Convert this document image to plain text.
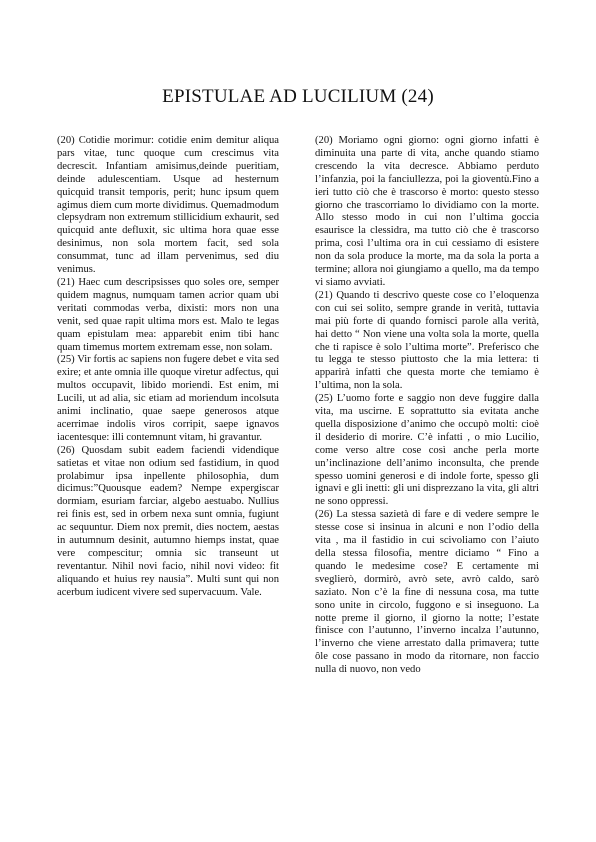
EPISTULAE AD LUCILIUM (24)

(20) Cotidie morimur: cotidie enim demitur aliqua pars vitae, tunc quoque cum crescimus vita decrescit. Infantiam amisimus,deinde pueritiam, deinde adulescentiam. Usque ad hesternum quicquid transit temporis, perit; hunc ipsum quem agimus diem cum morte dividimus. Quemadmodum clepsydram non extremum stillicidium exhaurit, sed quicquid ante defluxit, sic ultima hora quae esse desinimus, non sola mortem facit, sed sola consummat, tunc ad illam pervenimus, sed diu venimus.

(21) Haec cum descripsisses quo soles ore, semper quidem magnus, numquam tamen acrior quam ubi veritati commodas verba, dixisti: mors non una venit, sed quae rapit ultima mors est. Malo te legas quam epistulam mea: apparebit enim tibi hanc quam timemus mortem extremam esse, non solam.

(25) Vir fortis ac sapiens non fugere debet e vita sed exire; et ante omnia ille quoque viretur adfectus, qui multos occupavit, libido moriendi. Est enim, mi Lucili, ut ad alia, sic etiam ad moriendum incolsuta animi inclinatio, quae saepe generosos atque acerrimae indolis viros corripit, saepe ignavos iacentesque: illi contemnunt vitam, hi gravantur.

(26) Quosdam subit eadem faciendi videndique satietas et vitae non odium sed fastidium, in quod prolabimur ipsa inpellente philosophia, dum dicimus:”Quousque eadem? Nempe expergiscar dormiam, esuriam farciar, algebo aestuabo. Nullius rei finis est, sed in orbem nexa sunt omnia, fugiunt ac sequuntur. Diem nox premit, dies noctem, aestas in autumnum desinit, autumno hiemps instat, quae vere compescitur; omnia sic transeunt ut reventantur. Nihil novi facio, nihil novi video: fit aliquando et huius rey nausia”. Multi sunt qui non acerbum iudicent vivere sed supervacuum. Vale.

(20) Moriamo ogni giorno: ogni giorno infatti è diminuita una parte di vita, anche quando stiamo crescendo la vita decresce. Abbiamo perduto l’infanzia, poi la fanciullezza, poi la gioventù.Fino a ieri tutto ciò che è trascorso è morto: questo stesso giorno che trascorriamo lo dividiamo con la morte. Allo stesso modo in cui non l’ultima goccia esaurisce la clessidra, ma tutto ciò che è trascorso prima, così l’ultima ora in cui cessiamo di esistere non da sola produce la morte, ma da sola la porta a termine; allora noi giungiamo a quello, ma da tempo vi siamo avviati.

(21) Quando ti descrivo queste cose co l’eloquenza con cui sei solito, sempre grande in verità, tuttavia mai più forte di quando fornisci parole alla verità, hai detto “ Non viene una volta sola la morte, quella che ti rapisce è solo l’ultima morte”. Preferisco che tu legga te stesso piuttosto che la mia lettera: ti apparirà infatti che questa morte che temiamo è l’ultima, non la sola.

(25) L’uomo forte e saggio non deve fuggire dalla vita, ma uscirne. E soprattutto sia evitata anche quella disposizione d’animo che occupò molti: cioè il desiderio di morire. C’è infatti , o mio Lucilio, come verso altre cose così anche perla morte un’inclinazione dell’animo inconsulta, che prende spesso uomini generosi e di indole forte, spesso gli ignavi e gli inetti: gli uni disprezzano la vita, gli altri ne sono oppressi.

(26) La stessa sazietà di fare e di vedere sempre le stesse cose si insinua in alcuni e non l’odio della vita , ma il fastidio in cui scivoliamo con l’aiuto della stessa filosofia, mentre diciamo “ Fino a quando le medesime cose? E certamente mi sveglierò, dormirò, avrò sete, avrò caldo, sarò saziato. Non c’è la fine di nessuna cosa, ma tutte sono unite in circolo, fuggono e si inseguono. La notte preme il giorno, il giorno la notte; l’estate finisce con l’autunno, l’inverno incalza l’autunno, l’inverno che viene arrestato dalla primavera; tutte ôle cose passano in modo da ritornare, non faccio nulla di nuovo, non vedo
